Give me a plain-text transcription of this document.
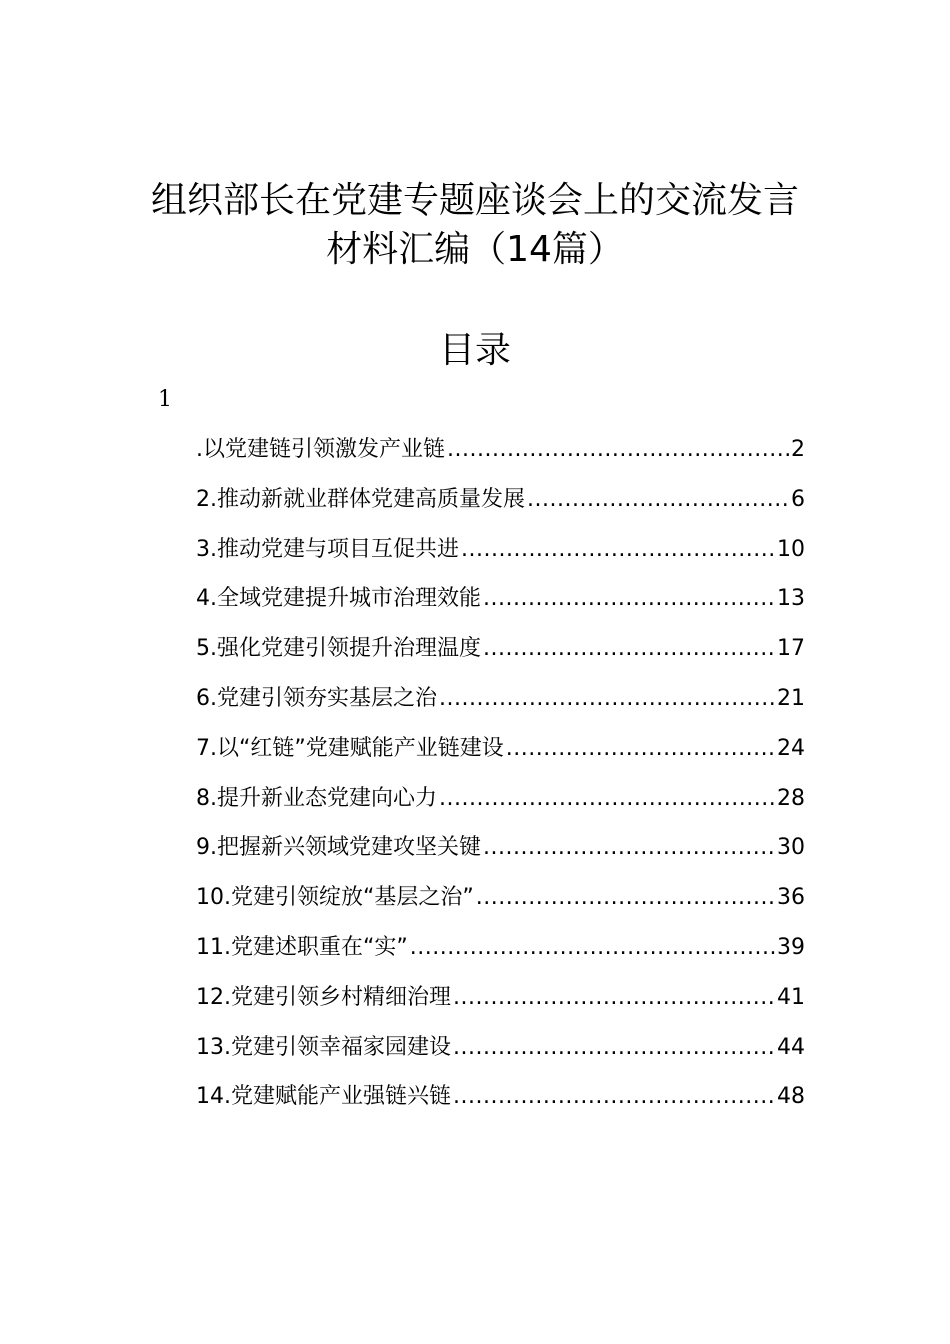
组织部长在党建专题座谈会上的交流发言
材料汇编（14篇）
目录
1
.以党建链引领激发产业链 .....	2
2.推动新就业群体党建高质量发展 .....	6
3.推动党建与项目互促共进 .....	10
4.全域党建提升城市治理效能 .....	13
5.强化党建引领提升治理温度 .....	17
6.党建引领夯实基层之治 .....	21
7.以“红链”党建赋能产业链建设 .....	24
8.提升新业态党建向心力 .....	28
9.把握新兴领域党建攻坚关键 .....	30
10.党建引领绽放“基层之治” .....	36
11.党建述职重在“实” .....	39
12.党建引领乡村精细治理 .....	41
13.党建引领幸福家园建设 .....	44
14.党建赋能产业强链兴链 .....	48
